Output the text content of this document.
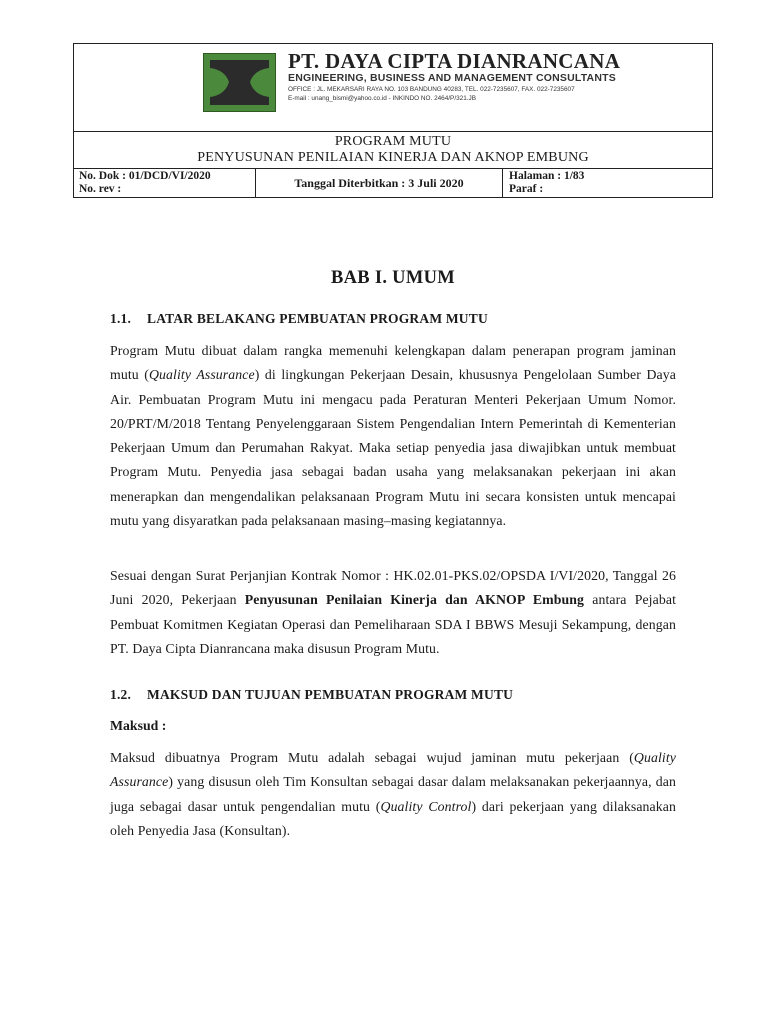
PT. DAYA CIPTA DIANRANCANA
ENGINEERING, BUSINESS AND MANAGEMENT CONSULTANTS
OFFICE : JL. MEKARSARI RAYA NO. 103 BANDUNG 40283, TEL. 022-7235607, FAX. 022-7235607
E-mail : unang_bismi@yahoo.co.id - INKINDO NO. 2464/P/321.JB
PROGRAM MUTU
PENYUSUNAN PENILAIAN KINERJA DAN AKNOP EMBUNG
No. Dok : 01/DCD/VI/2020
No. rev :	Tanggal Diterbitkan : 3 Juli 2020	Halaman : 1/83
Paraf :
BAB I. UMUM
1.1. LATAR BELAKANG PEMBUATAN PROGRAM MUTU
Program Mutu dibuat dalam rangka memenuhi kelengkapan dalam penerapan program jaminan mutu (Quality Assurance) di lingkungan Pekerjaan Desain, khususnya Pengelolaan Sumber Daya Air. Pembuatan Program Mutu ini mengacu pada Peraturan Menteri Pekerjaan Umum Nomor. 20/PRT/M/2018 Tentang Penyelenggaraan Sistem Pengendalian Intern Pemerintah di Kementerian Pekerjaan Umum dan Perumahan Rakyat. Maka setiap penyedia jasa diwajibkan untuk membuat Program Mutu. Penyedia jasa sebagai badan usaha yang melaksanakan pekerjaan ini akan menerapkan dan mengendalikan pelaksanaan Program Mutu ini secara konsisten untuk mencapai mutu yang disyaratkan pada pelaksanaan masing–masing kegiatannya.
Sesuai dengan Surat Perjanjian Kontrak Nomor : HK.02.01-PKS.02/OPSDA I/VI/2020, Tanggal 26 Juni 2020, Pekerjaan Penyusunan Penilaian Kinerja dan AKNOP Embung antara Pejabat Pembuat Komitmen Kegiatan Operasi dan Pemeliharaan SDA I BBWS Mesuji Sekampung, dengan PT. Daya Cipta Dianrancana maka disusun Program Mutu.
1.2. MAKSUD DAN TUJUAN PEMBUATAN PROGRAM MUTU
Maksud :
Maksud dibuatnya Program Mutu adalah sebagai wujud jaminan mutu pekerjaan (Quality Assurance) yang disusun oleh Tim Konsultan sebagai dasar dalam melaksanakan pekerjaannya, dan juga sebagai dasar untuk pengendalian mutu (Quality Control) dari pekerjaan yang dilaksanakan oleh Penyedia Jasa (Konsultan).
